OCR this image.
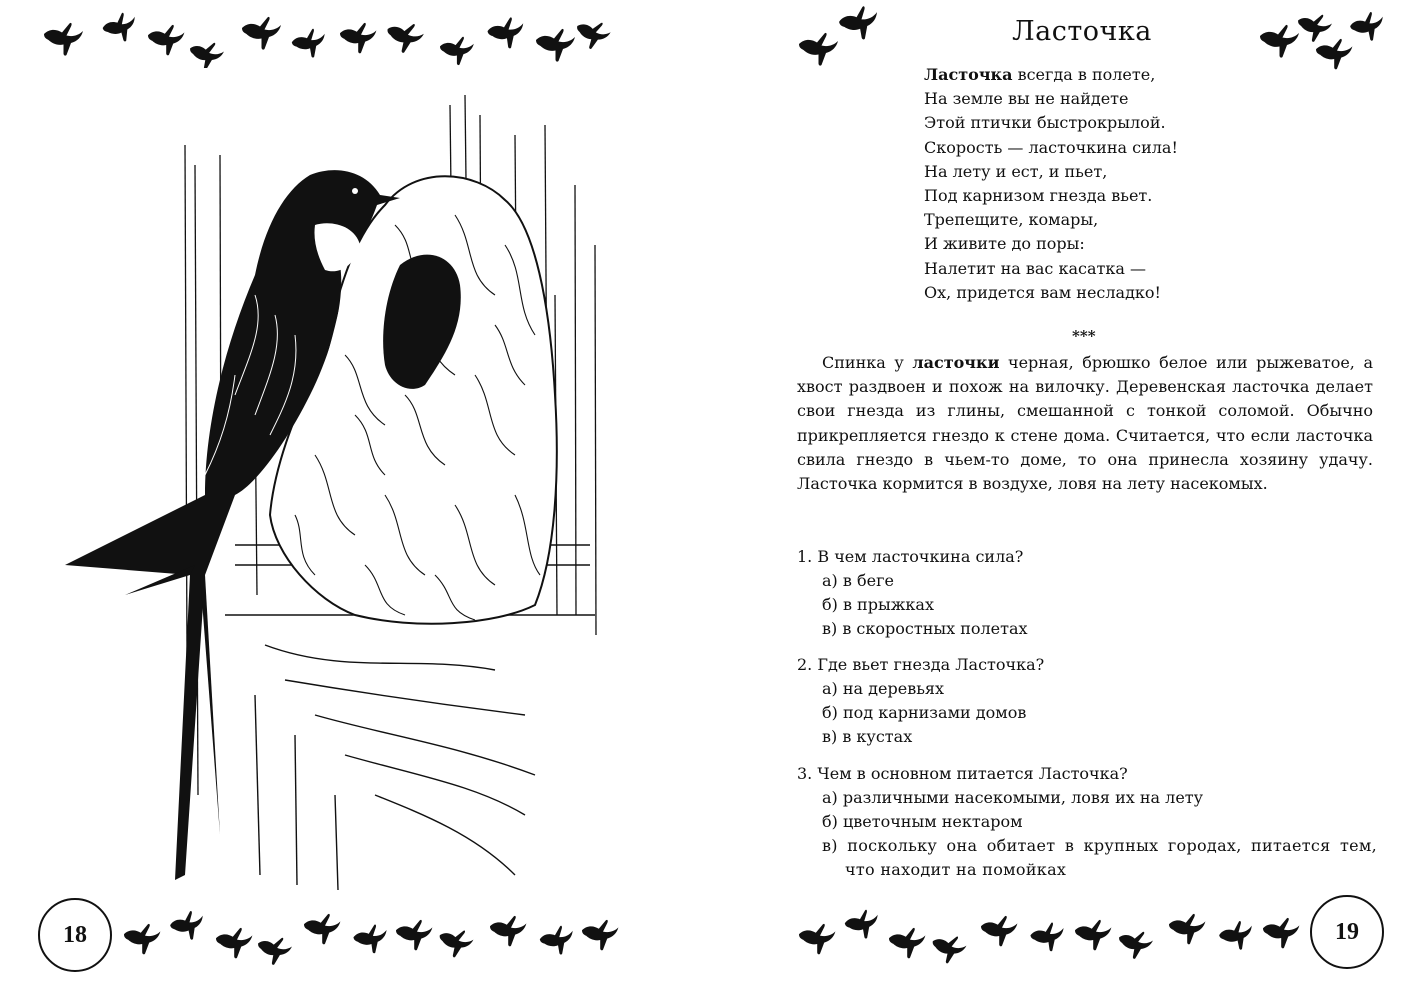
18
Ласточка
Ласточка всегда в полете,
На земле вы не найдете
Этой птички быстрокрылой.
Скорость — ласточкина сила!
На лету и ест, и пьет,
Под карнизом гнезда вьет.
Трепещите, комары,
И живите до поры:
Налетит на вас касатка —
Ох, придется вам несладко!
***

Спинка у ласточки черная, брюшко белое или рыжеватое, а хвост раздвоен и похож на вилочку. Деревенская ласточка делает свои гнезда из глины, смешанной с тонкой соломой. Обычно прикрепляется гнездо к стене дома. Считается, что если ласточка свила гнездо в чьем-то доме, то она принесла хозяину удачу. Ласточка кормится в воздухе, ловя на лету насекомых.

1. В чем ласточкина сила?
а) в беге
б) в прыжках
в) в скоростных полетах
2. Где вьет гнезда Ласточка?
а) на деревьях
б) под карнизами домов
в) в кустах
3. Чем в основном питается Ласточка?
а) различными насекомыми, ловя их на лету
б) цветочным нектаром
в) поскольку она обитает в крупных городах, питается тем, что находит на помойках
19
